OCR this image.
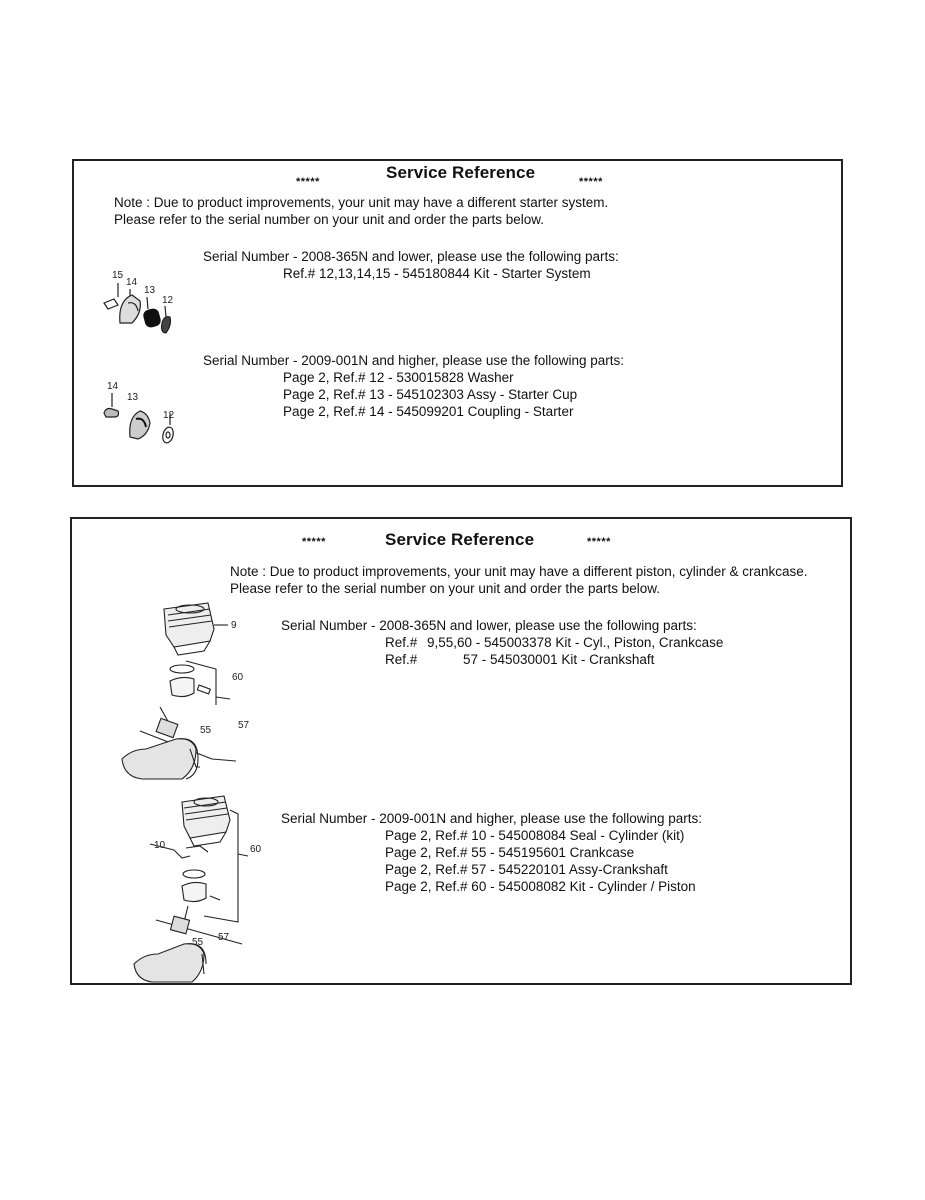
*****	Service Reference	*****
Note : Due to product improvements, your unit may have a different starter system.
Please refer to the serial number on your unit and order the parts below.
Serial Number - 2008-365N and lower, please use the following parts:
Ref.# 12,13,14,15 - 545180844 Kit - Starter System
15
14
13
12
Serial Number - 2009-001N and higher, please use the following parts:
Page 2, Ref.# 12 - 530015828 Washer
Page 2, Ref.# 13 - 545102303 Assy - Starter Cup
Page 2, Ref.# 14 - 545099201 Coupling - Starter
14
13
12
*****	Service Reference	*****
Note : Due to product improvements, your unit may have a different piston, cylinder & crankcase.
Please refer to the serial number on your unit and order the parts below.
Serial Number - 2008-365N and lower, please use the following parts:
Ref.# 9,55,60 - 545003378 Kit - Cyl., Piston, Crankcase
Ref.#	57 - 545030001 Kit - Crankshaft
9
60
57
55
Serial Number - 2009-001N and higher, please use the following parts:
Page 2, Ref.# 10 - 545008084 Seal - Cylinder (kit)
Page 2, Ref.# 55 - 545195601 Crankcase
Page 2, Ref.# 57 - 545220101 Assy-Crankshaft
Page 2, Ref.# 60 - 545008082 Kit - Cylinder / Piston
10	60
57
55
